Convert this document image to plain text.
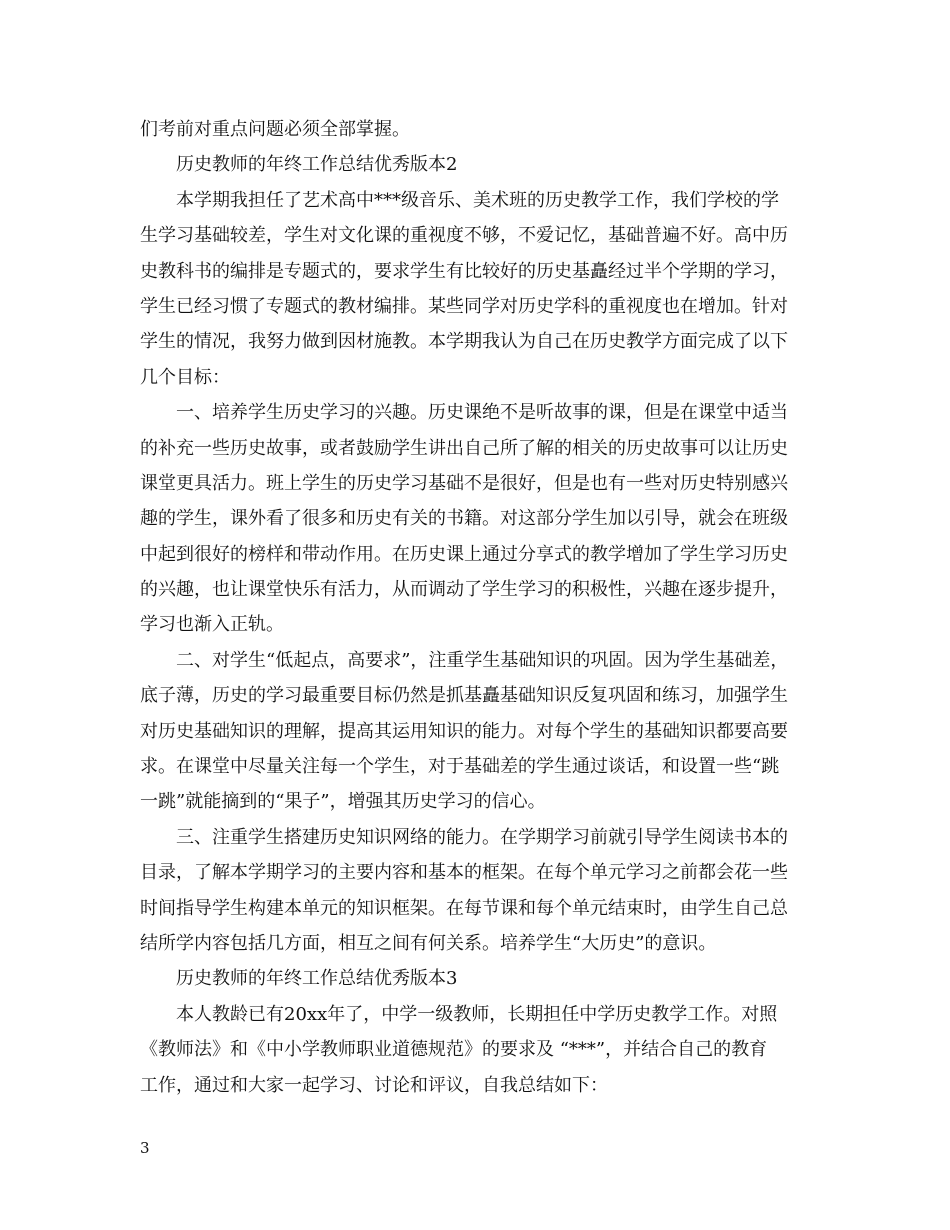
们考前对重点问题必须全部掌握。
历史教师的年终工作总结优秀版本2
本学期我担任了艺术高中***级音乐、美术班的历史教学工作，我们学校的学
生学习基础较差，学生对文化课的重视度不够，不爱记忆，基础普遍不好。高中历
史教科书的编排是专题式的，要求学生有比较好的历史基矗经过半个学期的学习，
学生已经习惯了专题式的教材编排。某些同学对历史学科的重视度也在增加。针对
学生的情况，我努力做到因材施教。本学期我认为自己在历史教学方面完成了以下
几个目标：
一、培养学生历史学习的兴趣。历史课绝不是听故事的课，但是在课堂中适当
的补充一些历史故事，或者鼓励学生讲出自己所了解的相关的历史故事可以让历史
课堂更具活力。班上学生的历史学习基础不是很好，但是也有一些对历史特别感兴
趣的学生，课外看了很多和历史有关的书籍。对这部分学生加以引导，就会在班级
中起到很好的榜样和带动作用。在历史课上通过分享式的教学增加了学生学习历史
的兴趣，也让课堂快乐有活力，从而调动了学生学习的积极性，兴趣在逐步提升，
学习也渐入正轨。
二、对学生“低起点，高要求”，注重学生基础知识的巩固。因为学生基础差，
底子薄，历史的学习最重要目标仍然是抓基矗基础知识反复巩固和练习，加强学生
对历史基础知识的理解，提高其运用知识的能力。对每个学生的基础知识都要高要
求。在课堂中尽量关注每一个学生，对于基础差的学生通过谈话，和设置一些“跳
一跳”就能摘到的“果子”，增强其历史学习的信心。
三、注重学生搭建历史知识网络的能力。在学期学习前就引导学生阅读书本的
目录，了解本学期学习的主要内容和基本的框架。在每个单元学习之前都会花一些
时间指导学生构建本单元的知识框架。在每节课和每个单元结束时，由学生自己总
结所学内容包括几方面，相互之间有何关系。培养学生“大历史”的意识。
历史教师的年终工作总结优秀版本3
本人教龄已有20xx年了，中学一级教师，长期担任中学历史教学工作。对照
《教师法》和《中小学教师职业道德规范》的要求及 “***”，并结合自己的教育
工作，通过和大家一起学习、讨论和评议，自我总结如下：
3
